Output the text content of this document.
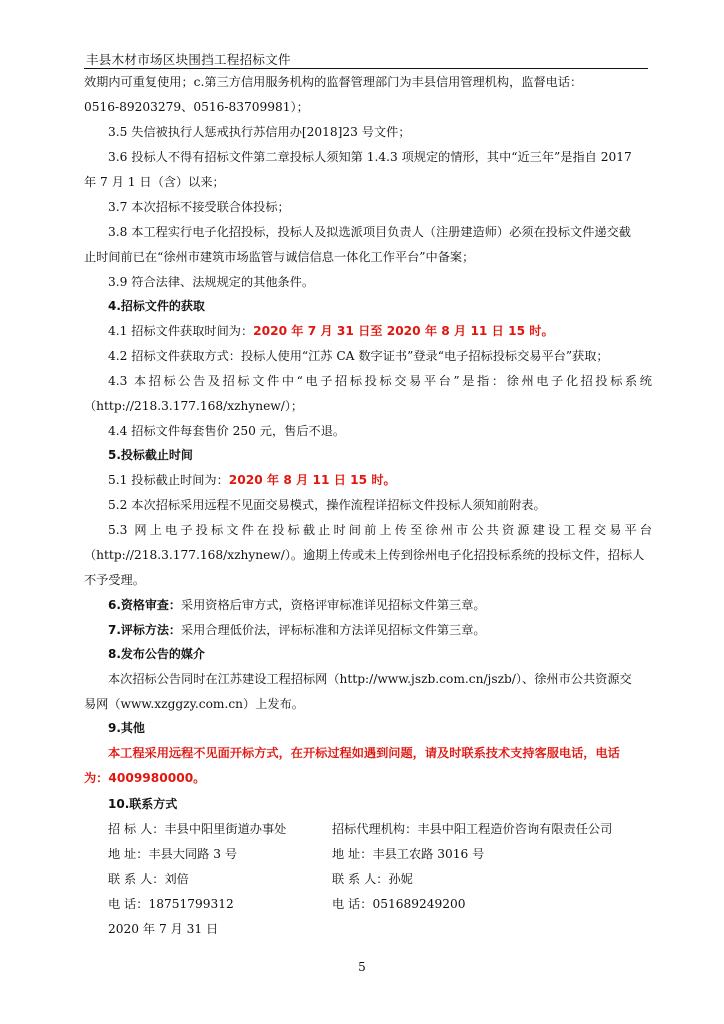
丰县木材市场区块围挡工程招标文件
效期内可重复使用；c.第三方信用服务机构的监督管理部门为丰县信用管理机构，监督电话：
0516-89203279、0516-83709981）；
3.5 失信被执行人惩戒执行苏信用办[2018]23 号文件；
3.6 投标人不得有招标文件第二章投标人须知第 1.4.3 项规定的情形，其中“近三年”是指自 2017
年 7 月 1 日（含）以来；
3.7 本次招标不接受联合体投标；
3.8 本工程实行电子化招投标，投标人及拟选派项目负责人（注册建造师）必须在投标文件递交截
止时间前已在“徐州市建筑市场监管与诚信信息一体化工作平台”中备案；
3.9 符合法律、法规规定的其他条件。
4.招标文件的获取
4.1 招标文件获取时间为：2020 年 7 月 31 日至 2020 年 8 月 11 日 15 时。
4.2 招标文件获取方式：投标人使用“江苏 CA 数字证书”登录“电子招标投标交易平台”获取；
4.3 本招标公告及招标文件中“电子招标投标交易平台”是指：徐州电子化招投标系统
（http://218.3.177.168/xzhynew/）；
4.4 招标文件每套售价 250 元，售后不退。
5.投标截止时间
5.1 投标截止时间为：2020 年 8 月 11 日 15 时。
5.2 本次招标采用远程不见面交易模式，操作流程详招标文件投标人须知前附表。
5.3 网上电子投标文件在投标截止时间前上传至徐州市公共资源建设工程交易平台
（http://218.3.177.168/xzhynew/）。逾期上传或未上传到徐州电子化招投标系统的投标文件，招标人
不予受理。
6.资格审查：采用资格后审方式，资格评审标准详见招标文件第三章。
7.评标方法：采用合理低价法，评标标准和方法详见招标文件第三章。
8.发布公告的媒介
本次招标公告同时在江苏建设工程招标网（http://www.jszb.com.cn/jszb/）、徐州市公共资源交
易网（www.xzggzy.com.cn）上发布。
9.其他
本工程采用远程不见面开标方式，在开标过程如遇到问题，请及时联系技术支持客服电话，电话
为：4009980000。
10.联系方式
招 标 人：丰县中阳里街道办事处
地 址：丰县大同路 3 号
联 系 人：刘倍
电 话：18751799312
招标代理机构：丰县中阳工程造价咨询有限责任公司
地 址：丰县工农路 3016 号
联 系 人：孙妮
电 话：051689249200
2020 年 7 月 31 日
5
